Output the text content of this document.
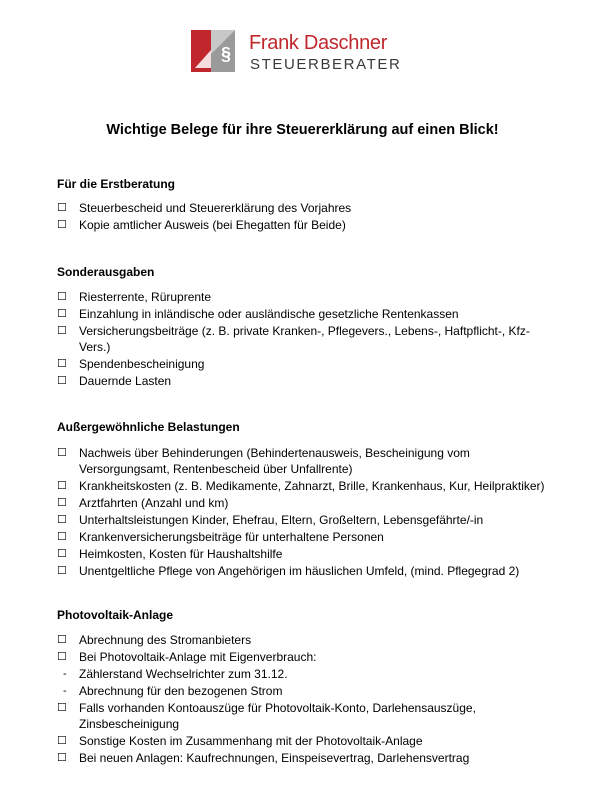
§ Frank Daschner
STEUERBERATER
Wichtige Belege für ihre Steuererklärung auf einen Blick!
Für die Erstberatung
☐	Steuerbescheid und Steuererklärung des Vorjahres
☐	Kopie amtlicher Ausweis (bei Ehegatten für Beide)
Sonderausgaben
☐	Riesterrente, Rüruprente
☐	Einzahlung in inländische oder ausländische gesetzliche Rentenkassen
☐	Versicherungsbeiträge (z. B. private Kranken-, Pflegevers., Lebens-, Haftpflicht-, Kfz-Vers.)
☐	Spendenbescheinigung
☐	Dauernde Lasten
Außergewöhnliche Belastungen
☐	Nachweis über Behinderungen (Behindertenausweis, Bescheinigung vom Versorgungsamt, Rentenbescheid über Unfallrente)
☐	Krankheitskosten (z. B. Medikamente, Zahnarzt, Brille, Krankenhaus, Kur, Heilpraktiker)
☐	Arztfahrten (Anzahl und km)
☐	Unterhaltsleistungen Kinder, Ehefrau, Eltern, Großeltern, Lebensgefährte/-in
☐	Krankenversicherungsbeiträge für unterhaltene Personen
☐	Heimkosten, Kosten für Haushaltshilfe
☐	Unentgeltliche Pflege von Angehörigen im häuslichen Umfeld, (mind. Pflegegrad 2)
Photovoltaik-Anlage
☐	Abrechnung des Stromanbieters
☐	Bei Photovoltaik-Anlage mit Eigenverbrauch:
-	Zählerstand Wechselrichter zum 31.12.
-	Abrechnung für den bezogenen Strom
☐	Falls vorhanden Kontoauszüge für Photovoltaik-Konto, Darlehensauszüge, Zinsbescheinigung
☐	Sonstige Kosten im Zusammenhang mit der Photovoltaik-Anlage
☐	Bei neuen Anlagen: Kaufrechnungen, Einspeisevertrag, Darlehensvertrag
